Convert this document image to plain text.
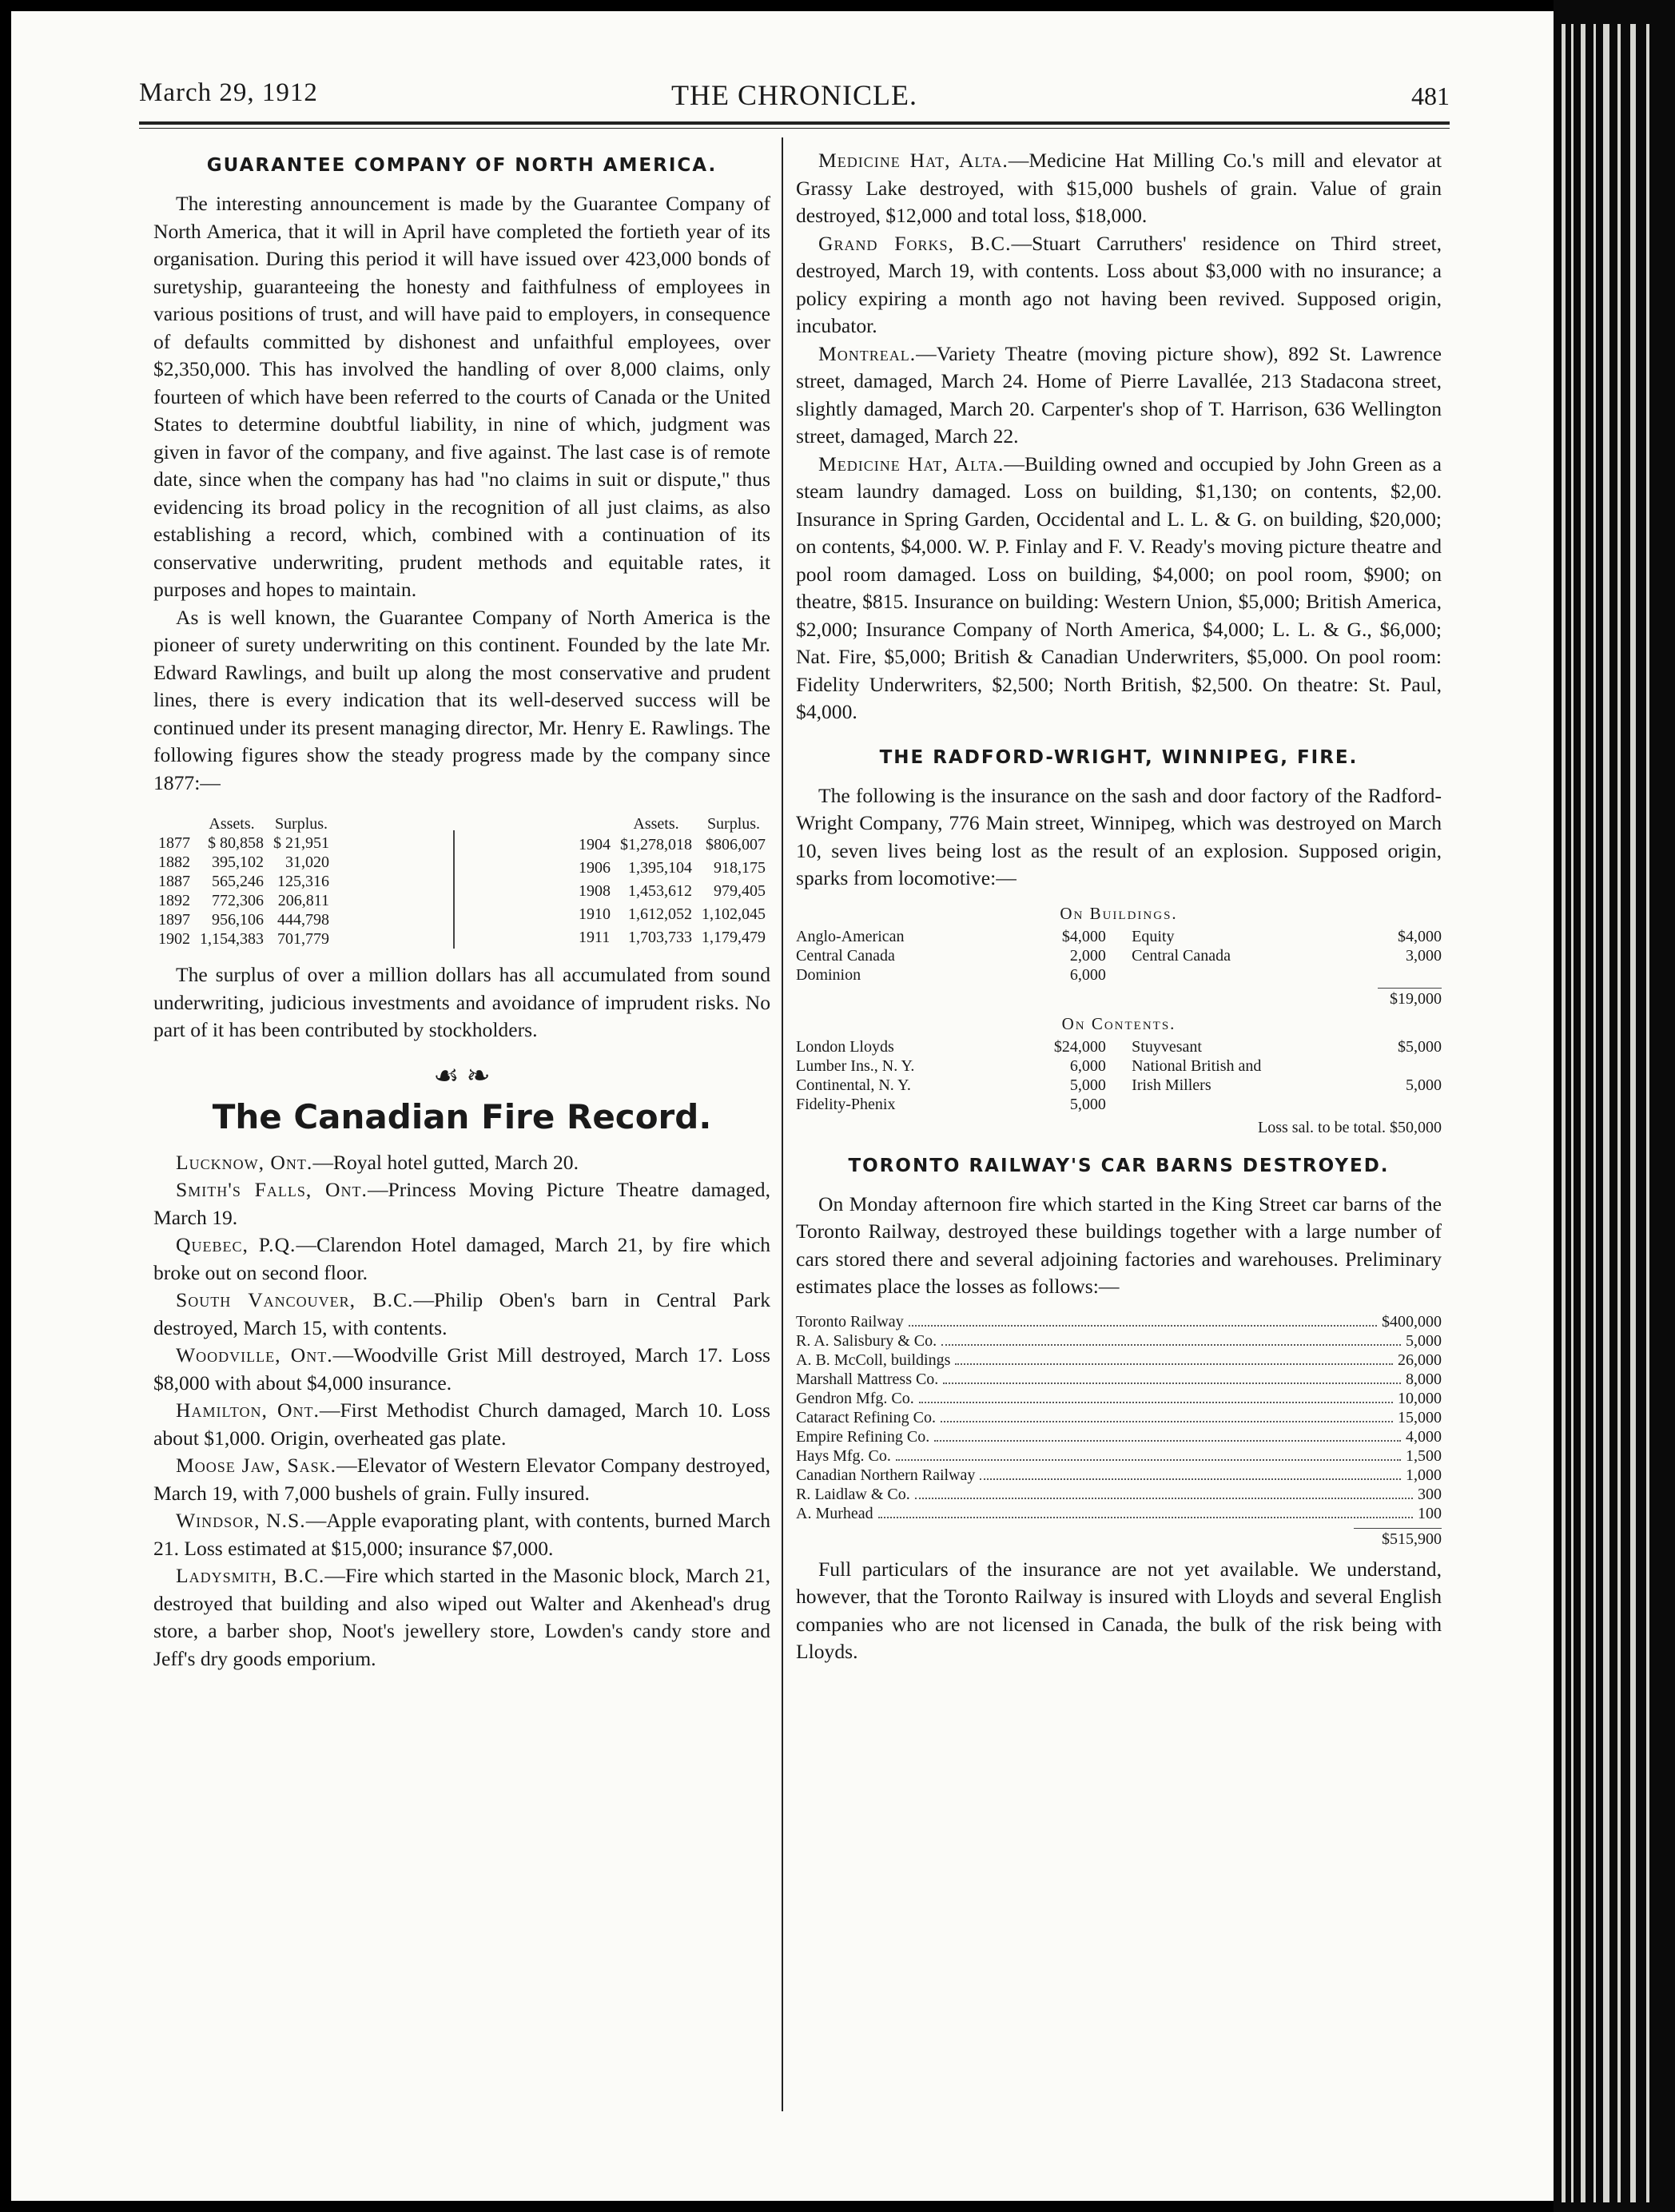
March 29, 1912	THE CHRONICLE.	481
GUARANTEE COMPANY OF NORTH AMERICA.

The interesting announcement is made by the Guarantee Company of North America, that it will in April have completed the fortieth year of its organisation. During this period it will have issued over 423,000 bonds of suretyship, guaranteeing the honesty and faithfulness of employees in various positions of trust, and will have paid to employers, in consequence of defaults committed by dishonest and unfaithful employees, over $2,350,000. This has involved the handling of over 8,000 claims, only fourteen of which have been referred to the courts of Canada or the United States to determine doubtful liability, in nine of which, judgment was given in favor of the company, and five against. The last case is of remote date, since when the company has had "no claims in suit or dispute," thus evidencing its broad policy in the recognition of all just claims, as also establishing a record, which, combined with a continuation of its conservative underwriting, prudent methods and equitable rates, it purposes and hopes to maintain.

As is well known, the Guarantee Company of North America is the pioneer of surety underwriting on this continent. Founded by the late Mr. Edward Rawlings, and built up along the most conservative and prudent lines, there is every indication that its well-deserved success will be continued under its present managing director, Mr. Henry E. Rawlings. The following figures show the steady progress made by the company since 1877:—

	Assets.	Surplus.
1877	$ 80,858	$ 21,951
1882	395,102	31,020
1887	565,246	125,316
1892	772,306	206,811
1897	956,106	444,798
1902	1,154,383	701,779
	Assets.	Surplus.
1904	$1,278,018	$806,007
1906	1,395,104	918,175
1908	1,453,612	979,405
1910	1,612,052	1,102,045
1911	1,703,733	1,179,479

The surplus of over a million dollars has all accumulated from sound underwriting, judicious investments and avoidance of imprudent risks. No part of it has been contributed by stockholders.

☙ ❧
The Canadian Fire Record.

Lucknow, Ont.—Royal hotel gutted, March 20.

Smith's Falls, Ont.—Princess Moving Picture Theatre damaged, March 19.

Quebec, P.Q.—Clarendon Hotel damaged, March 21, by fire which broke out on second floor.

South Vancouver, B.C.—Philip Oben's barn in Central Park destroyed, March 15, with contents.

Woodville, Ont.—Woodville Grist Mill destroyed, March 17. Loss $8,000 with about $4,000 insurance.

Hamilton, Ont.—First Methodist Church damaged, March 10. Loss about $1,000. Origin, overheated gas plate.

Moose Jaw, Sask.—Elevator of Western Elevator Company destroyed, March 19, with 7,000 bushels of grain. Fully insured.

Windsor, N.S.—Apple evaporating plant, with contents, burned March 21. Loss estimated at $15,000; insurance $7,000.

Ladysmith, B.C.—Fire which started in the Masonic block, March 21, destroyed that building and also wiped out Walter and Akenhead's drug store, a barber shop, Noot's jewellery store, Lowden's candy store and Jeff's dry goods emporium.

Medicine Hat, Alta.—Medicine Hat Milling Co.'s mill and elevator at Grassy Lake destroyed, with $15,000 bushels of grain. Value of grain destroyed, $12,000 and total loss, $18,000.

Grand Forks, B.C.—Stuart Carruthers' residence on Third street, destroyed, March 19, with contents. Loss about $3,000 with no insurance; a policy expiring a month ago not having been revived. Supposed origin, incubator.

Montreal.—Variety Theatre (moving picture show), 892 St. Lawrence street, damaged, March 24. Home of Pierre Lavallée, 213 Stadacona street, slightly damaged, March 20. Carpenter's shop of T. Harrison, 636 Wellington street, damaged, March 22.

Medicine Hat, Alta.—Building owned and occupied by John Green as a steam laundry damaged. Loss on building, $1,130; on contents, $2,00. Insurance in Spring Garden, Occidental and L. L. & G. on building, $20,000; on contents, $4,000. W. P. Finlay and F. V. Ready's moving picture theatre and pool room damaged. Loss on building, $4,000; on pool room, $900; on theatre, $815. Insurance on building: Western Union, $5,000; British America, $2,000; Insurance Company of North America, $4,000; L. L. & G., $6,000; Nat. Fire, $5,000; British & Canadian Underwriters, $5,000. On pool room: Fidelity Underwriters, $2,500; North British, $2,500. On theatre: St. Paul, $4,000.

THE RADFORD-WRIGHT, WINNIPEG, FIRE.

The following is the insurance on the sash and door factory of the Radford-Wright Company, 776 Main street, Winnipeg, which was destroyed on March 10, seven lives being lost as the result of an explosion. Supposed origin, sparks from locomotive:—

On Buildings.
Anglo-American	$4,000 Equity	$4,000
Central Canada	2,000 Central Canada	3,000
Dominion	6,000
$19,000
On Contents.
London Lloyds	$24,000 Stuyvesant	$5,000
Lumber Ins., N. Y.	6,000 National British and
Continental, N. Y.	5,000 Irish Millers	5,000
Fidelity-Phenix	5,000
Loss sal. to be total. $50,000
TORONTO RAILWAY'S CAR BARNS DESTROYED.

On Monday afternoon fire which started in the King Street car barns of the Toronto Railway, destroyed these buildings together with a large number of cars stored there and several adjoining factories and warehouses. Preliminary estimates place the losses as follows:—

Toronto Railway	$400,000
R. A. Salisbury & Co.	5,000
A. B. McColl, buildings	26,000
Marshall Mattress Co.	8,000
Gendron Mfg. Co.	10,000
Cataract Refining Co.	15,000
Empire Refining Co.	4,000
Hays Mfg. Co.	1,500
Canadian Northern Railway	1,000
R. Laidlaw & Co.	300
A. Murhead	100
$515,900

Full particulars of the insurance are not yet available. We understand, however, that the Toronto Railway is insured with Lloyds and several English companies who are not licensed in Canada, the bulk of the risk being with Lloyds.
